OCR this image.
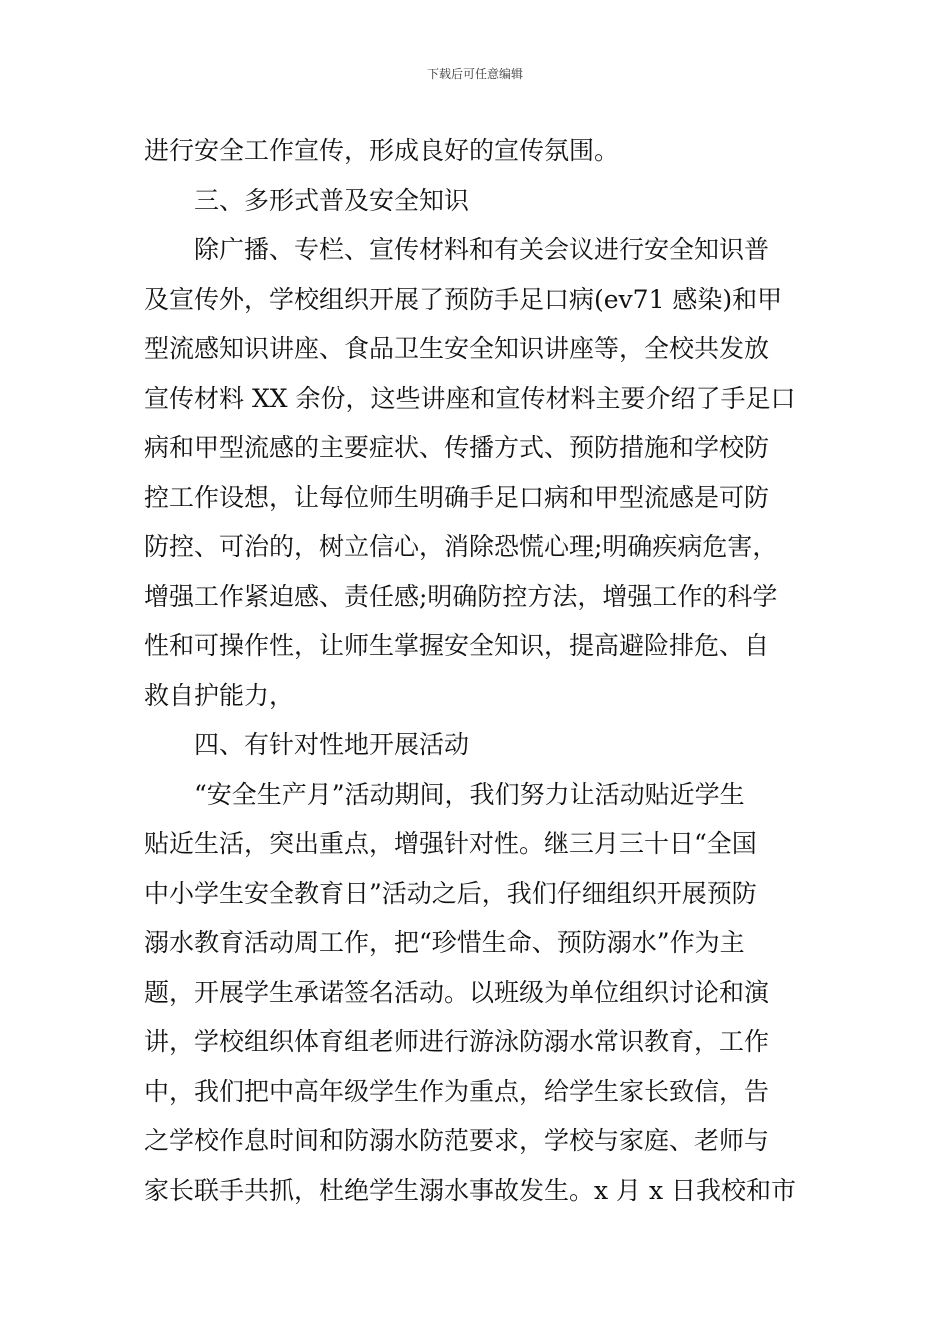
下载后可任意编辑
进行安全工作宣传，形成良好的宣传氛围。
三、多形式普及安全知识
除广播、专栏、宣传材料和有关会议进行安全知识普
及宣传外，学校组织开展了预防手足口病(ev71 感染)和甲
型流感知识讲座、食品卫生安全知识讲座等，全校共发放
宣传材料 XX 余份，这些讲座和宣传材料主要介绍了手足口
病和甲型流感的主要症状、传播方式、预防措施和学校防
控工作设想，让每位师生明确手足口病和甲型流感是可防
防控、可治的，树立信心，消除恐慌心理;明确疾病危害，
增强工作紧迫感、责任感;明确防控方法，增强工作的科学
性和可操作性，让师生掌握安全知识，提高避险排危、自
救自护能力，
四、有针对性地开展活动
“安全生产月”活动期间，我们努力让活动贴近学生
贴近生活，突出重点，增强针对性。继三月三十日“全国
中小学生安全教育日”活动之后，我们仔细组织开展预防
溺水教育活动周工作，把“珍惜生命、预防溺水”作为主
题，开展学生承诺签名活动。以班级为单位组织讨论和演
讲，学校组织体育组老师进行游泳防溺水常识教育，工作
中，我们把中高年级学生作为重点，给学生家长致信，告
之学校作息时间和防溺水防范要求，学校与家庭、老师与
家长联手共抓，杜绝学生溺水事故发生。x 月 x 日我校和市
